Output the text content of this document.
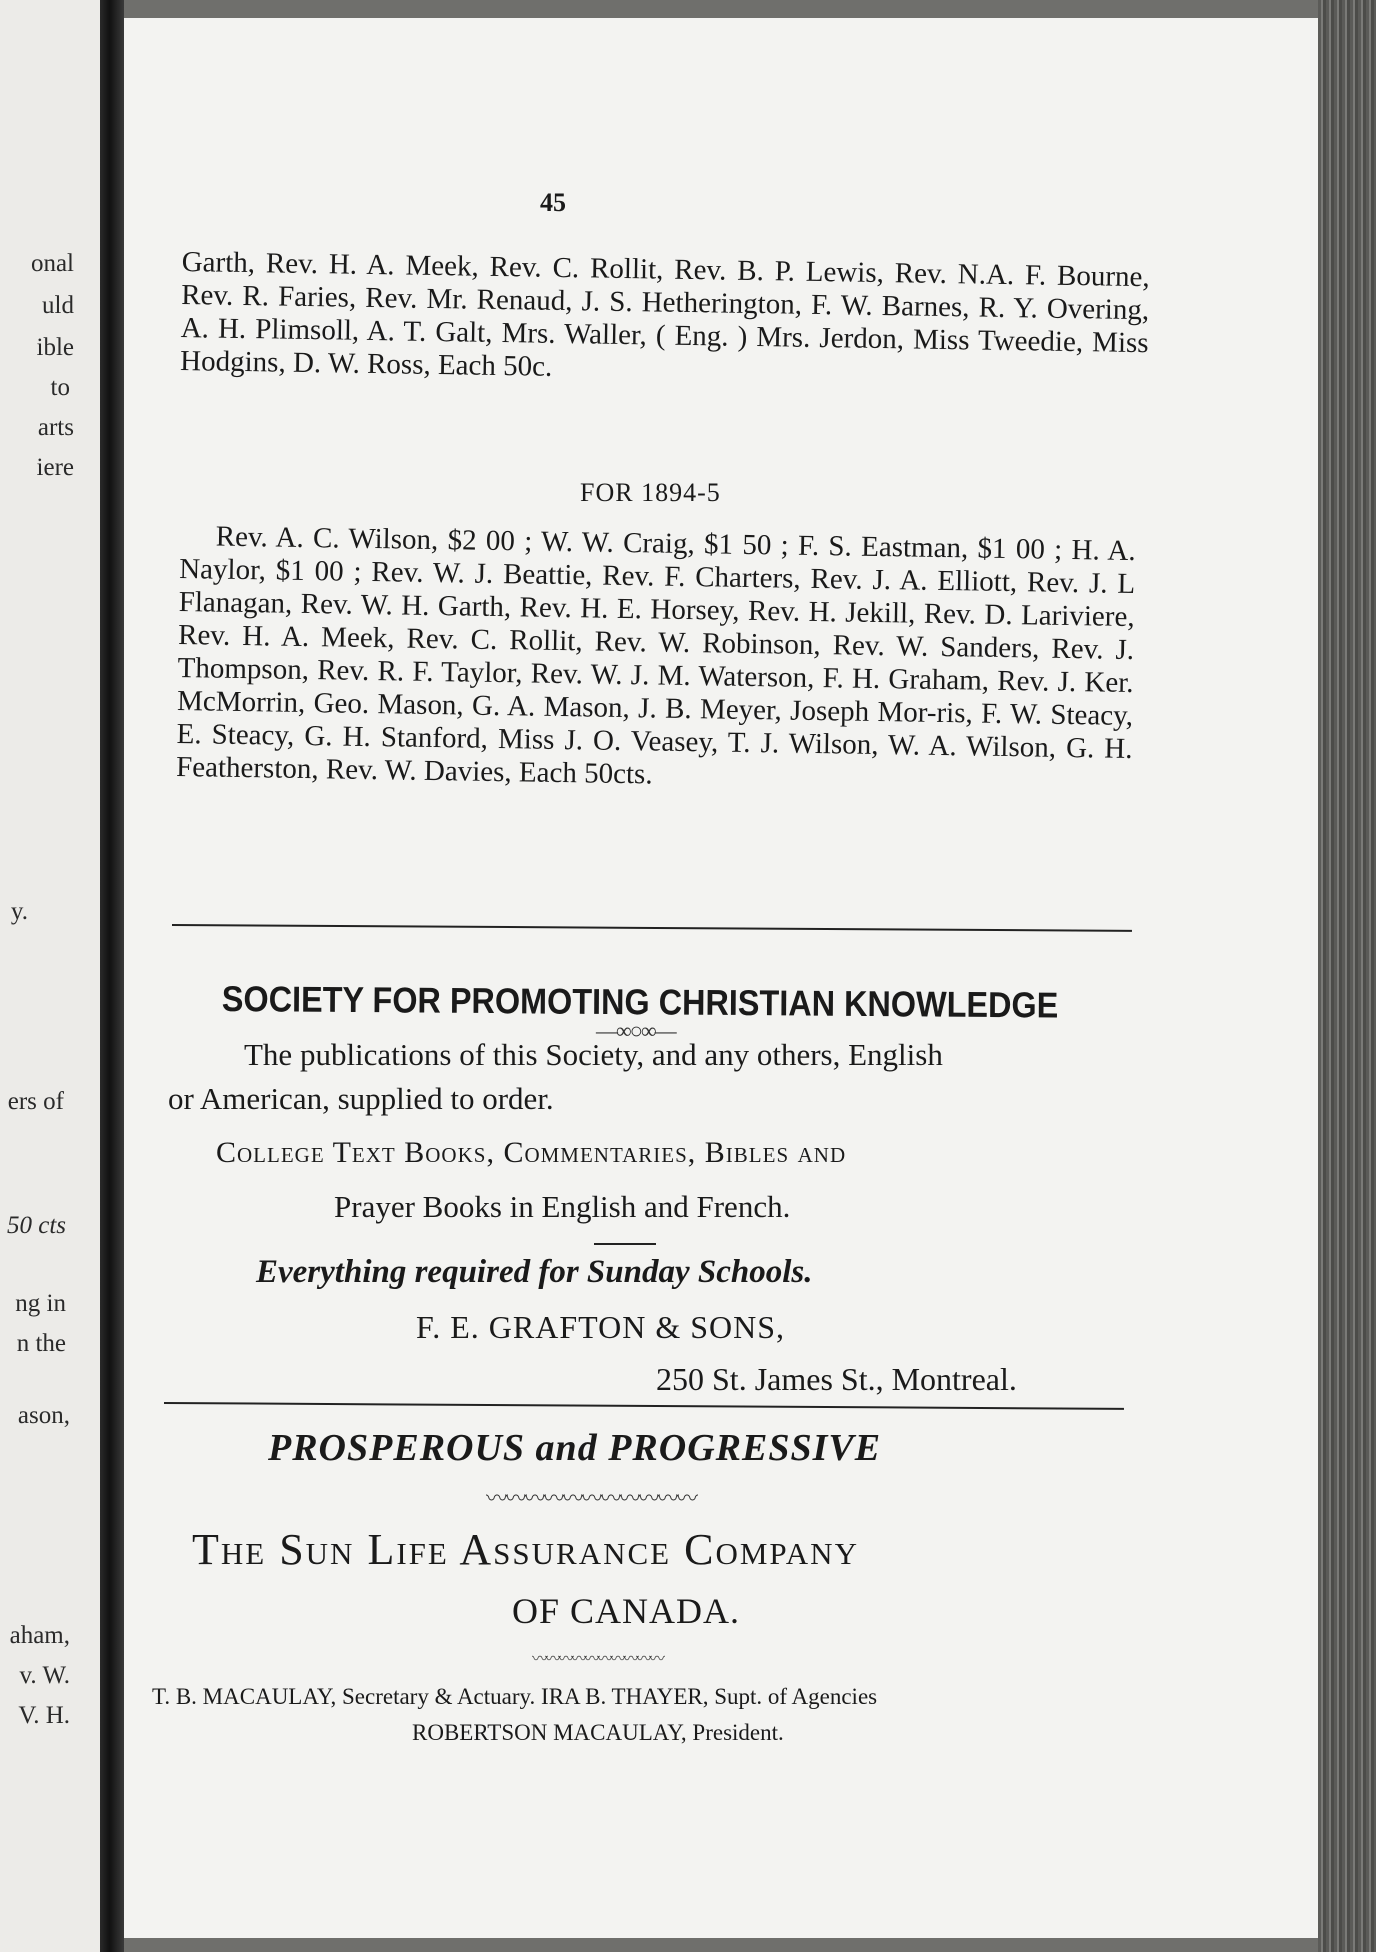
onal
uld
ible
to
arts
iere
y.
ers of
50 cts
ng in
n the
ason,
aham,
v. W.
V. H.
45
Garth, Rev. H. A. Meek, Rev. C. Rollit, Rev. B. P. Lewis, Rev. N.A. F. Bourne, Rev. R. Faries, Rev. Mr. Renaud, J. S. Hetherington, F. W. Barnes, R. Y. Overing, A. H. Plimsoll, A. T. Galt, Mrs. Waller, ( Eng. ) Mrs. Jerdon, Miss Tweedie, Miss Hodgins, D. W. Ross, Each 50c.
FOR 1894-5
Rev. A. C. Wilson, $2 00 ; W. W. Craig, $1 50 ; F. S. Eastman, $1 00 ; H. A. Naylor, $1 00 ; Rev. W. J. Beattie, Rev. F. Charters, Rev. J. A. Elliott, Rev. J. L Flanagan, Rev. W. H. Garth, Rev. H. E. Horsey, Rev. H. Jekill, Rev. D. Lariviere, Rev. H. A. Meek, Rev. C. Rollit, Rev. W. Robinson, Rev. W. Sanders, Rev. J. Thompson, Rev. R. F. Taylor, Rev. W. J. M. Waterson, F. H. Graham, Rev. J. Ker. McMorrin, Geo. Mason, G. A. Mason, J. B. Meyer, Joseph Mor-ris, F. W. Steacy, E. Steacy, G. H. Stanford, Miss J. O. Veasey, T. J. Wilson, W. A. Wilson, G. H. Featherston, Rev. W. Davies, Each 50cts.
SOCIETY FOR PROMOTING CHRISTIAN KNOWLEDGE
—∞○∞—
The publications of this Society, and any others, English
or American, supplied to order.
College Text Books, Commentaries, Bibles and
Prayer Books in English and French.
Everything required for Sunday Schools.
F. E. GRAFTON & SONS,
250 St. James St., Montreal.
PROSPEROUS and PROGRESSIVE
〰〰〰〰〰〰〰〰〰〰〰
The Sun Life Assurance Company
OF CANADA.
〰〰〰〰〰〰〰〰〰〰
T. B. MACAULAY, Secretary & Actuary. IRA B. THAYER, Supt. of Agencies
ROBERTSON MACAULAY, President.
